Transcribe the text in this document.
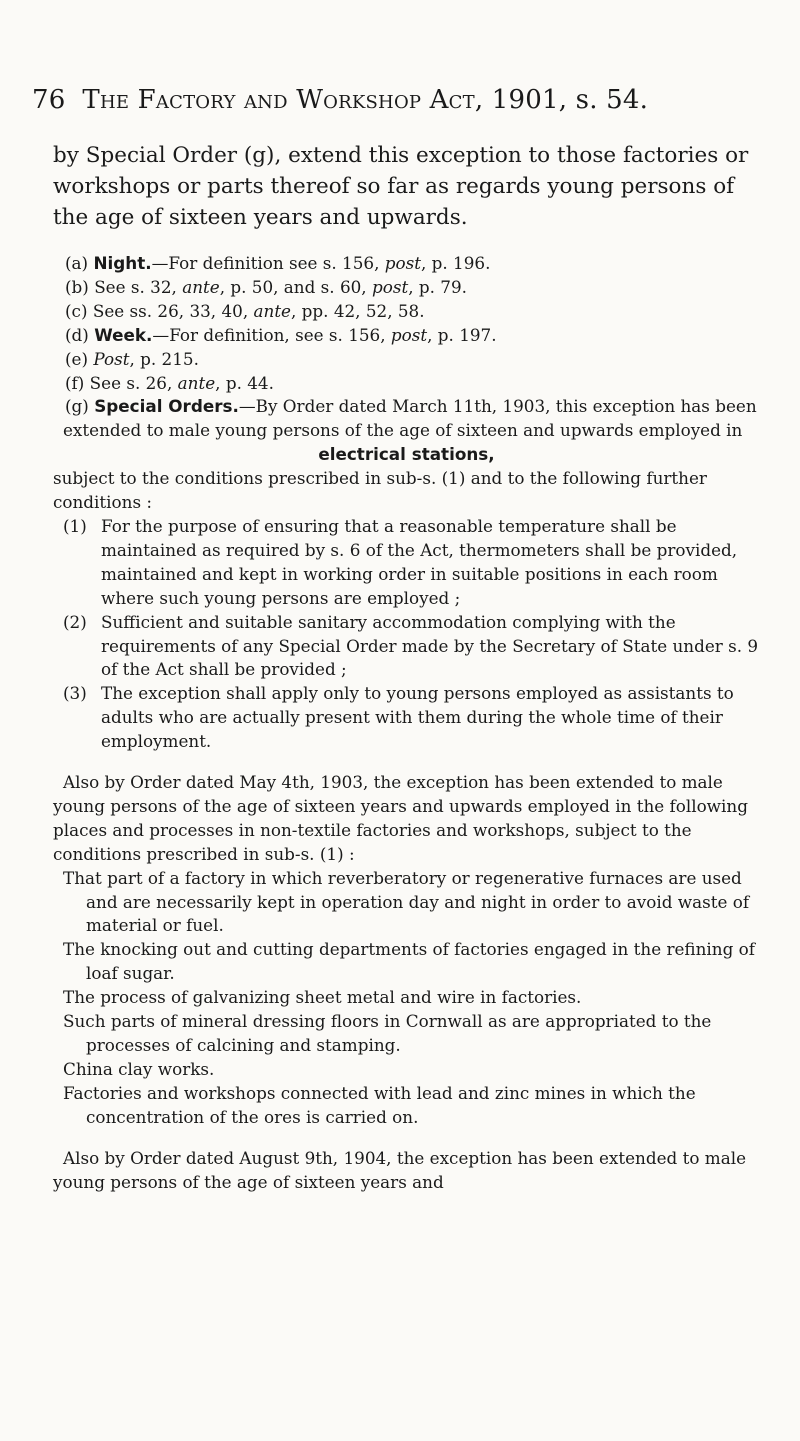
76 The Factory and Workshop Act, 1901, s. 54.
by Special Order (g), extend this exception to those factories or workshops or parts thereof so far as regards young persons of the age of sixteen years and upwards.

(a) Night.—For definition see s. 156, post, p. 196.

(b) See s. 32, ante, p. 50, and s. 60, post, p. 79.

(c) See ss. 26, 33, 40, ante, pp. 42, 52, 58.

(d) Week.—For definition, see s. 156, post, p. 197.

(e) Post, p. 215.

(f) See s. 26, ante, p. 44.

(g) Special Orders.—By Order dated March 11th, 1903, this exception has been extended to male young persons of the age of sixteen and upwards employed in

electrical stations,

subject to the conditions prescribed in sub-s. (1) and to the following further conditions :

(1) For the purpose of ensuring that a reasonable temperature shall be maintained as required by s. 6 of the Act, thermometers shall be provided, maintained and kept in working order in suitable positions in each room where such young persons are employed ;
(2) Sufficient and suitable sanitary accommodation complying with the requirements of any Special Order made by the Secretary of State under s. 9 of the Act shall be provided ;
(3) The exception shall apply only to young persons employed as assistants to adults who are actually present with them during the whole time of their employment.

Also by Order dated May 4th, 1903, the exception has been extended to male young persons of the age of sixteen years and upwards employed in the following places and processes in non-textile factories and workshops, subject to the conditions prescribed in sub-s. (1) :

That part of a factory in which reverberatory or regenerative furnaces are used and are necessarily kept in operation day and night in order to avoid waste of material or fuel.

The knocking out and cutting departments of factories engaged in the refining of loaf sugar.

The process of galvanizing sheet metal and wire in factories.

Such parts of mineral dressing floors in Cornwall as are appropriated to the processes of calcining and stamping.

China clay works.

Factories and workshops connected with lead and zinc mines in which the concentration of the ores is carried on.

Also by Order dated August 9th, 1904, the exception has been extended to male young persons of the age of sixteen years and
